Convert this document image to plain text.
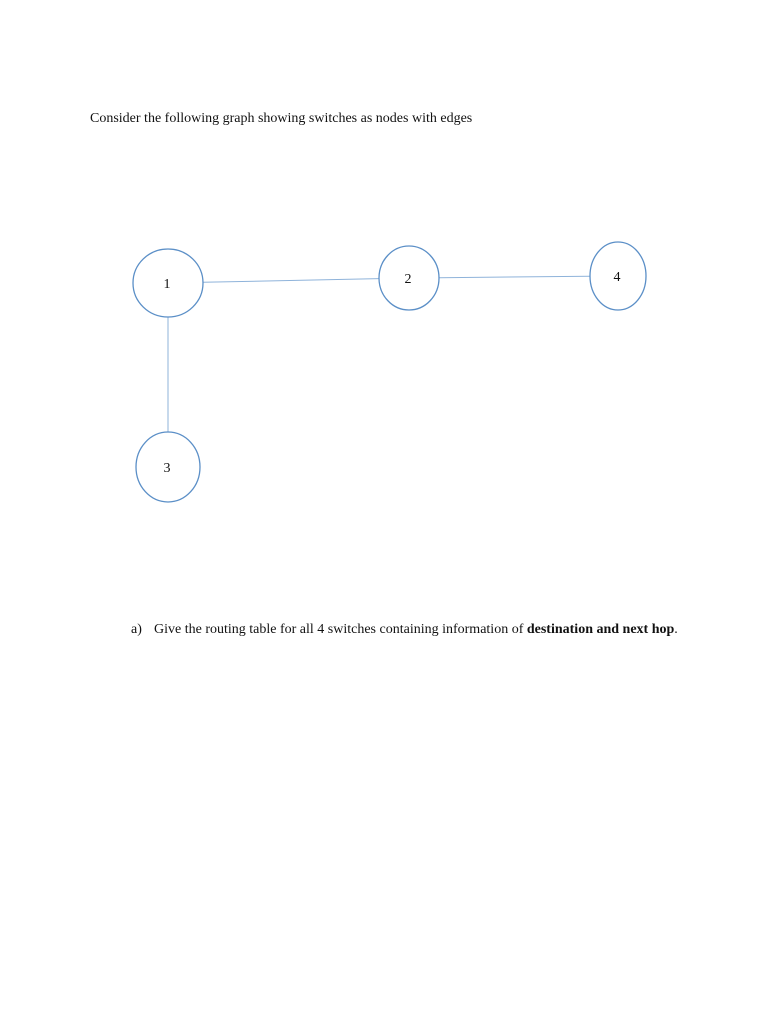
Consider the following graph showing switches as nodes with edges
1	2	4
3
a) Give the routing table for all 4 switches containing information of destination and next hop.
